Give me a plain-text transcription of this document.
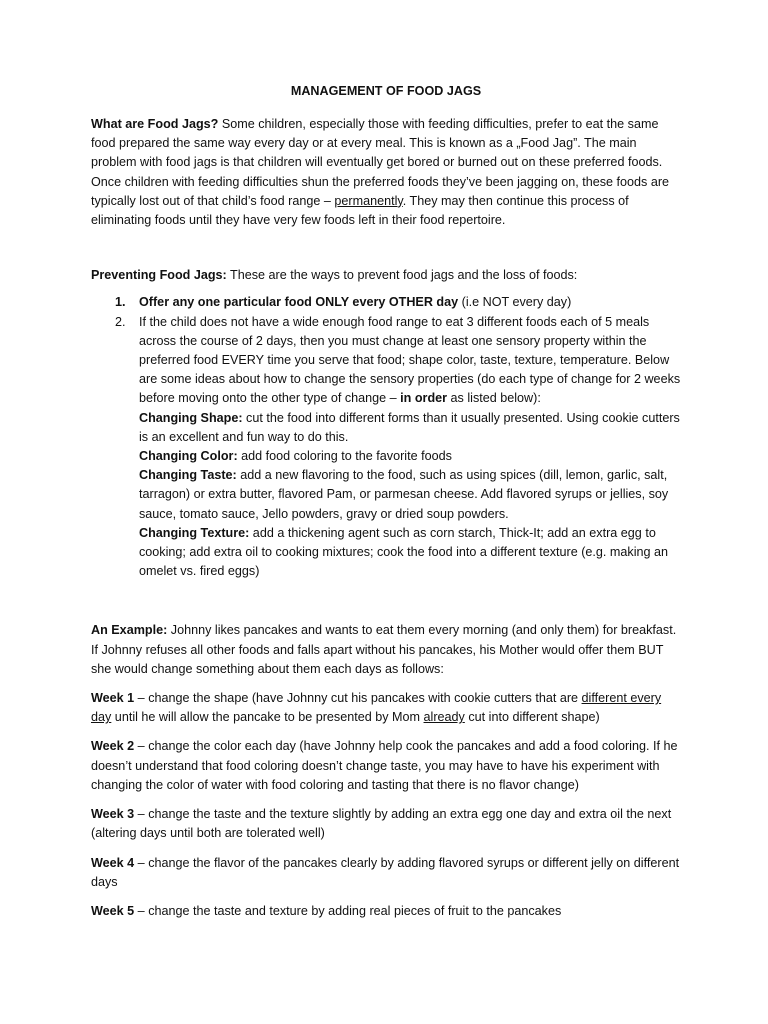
MANAGEMENT OF FOOD JAGS

What are Food Jags? Some children, especially those with feeding difficulties, prefer to eat the same food prepared the same way every day or at every meal. This is known as a „Food Jag”. The main problem with food jags is that children will eventually get bored or burned out on these preferred foods. Once children with feeding difficulties shun the preferred foods they’ve been jagging on, these foods are typically lost out of that child’s food range – permanently. They may then continue this process of eliminating foods until they have very few foods left in their food repertoire.

Preventing Food Jags: These are the ways to prevent food jags and the loss of foods:

1. Offer any one particular food ONLY every OTHER day (i.e NOT every day)
2. If the child does not have a wide enough food range to eat 3 different foods each of 5 meals across the course of 2 days, then you must change at least one sensory property within the preferred food EVERY time you serve that food; shape color, taste, texture, temperature. Below are some ideas about how to change the sensory properties (do each type of change for 2 weeks before moving onto the other type of change – in order as listed below):
Changing Shape: cut the food into different forms than it usually presented. Using cookie cutters is an excellent and fun way to do this.
Changing Color: add food coloring to the favorite foods
Changing Taste: add a new flavoring to the food, such as using spices (dill, lemon, garlic, salt, tarragon) or extra butter, flavored Pam, or parmesan cheese. Add flavored syrups or jellies, soy sauce, tomato sauce, Jello powders, gravy or dried soup powders.
Changing Texture: add a thickening agent such as corn starch, Thick-It; add an extra egg to cooking; add extra oil to cooking mixtures; cook the food into a different texture (e.g. making an omelet vs. fired eggs)

An Example: Johnny likes pancakes and wants to eat them every morning (and only them) for breakfast. If Johnny refuses all other foods and falls apart without his pancakes, his Mother would offer them BUT she would change something about them each days as follows:

Week 1 – change the shape (have Johnny cut his pancakes with cookie cutters that are different every day until he will allow the pancake to be presented by Mom already cut into different shape)

Week 2 – change the color each day (have Johnny help cook the pancakes and add a food coloring. If he doesn’t understand that food coloring doesn’t change taste, you may have to have his experiment with changing the color of water with food coloring and tasting that there is no flavor change)

Week 3 – change the taste and the texture slightly by adding an extra egg one day and extra oil the next (altering days until both are tolerated well)

Week 4 – change the flavor of the pancakes clearly by adding flavored syrups or different jelly on different days

Week 5 – change the taste and texture by adding real pieces of fruit to the pancakes
